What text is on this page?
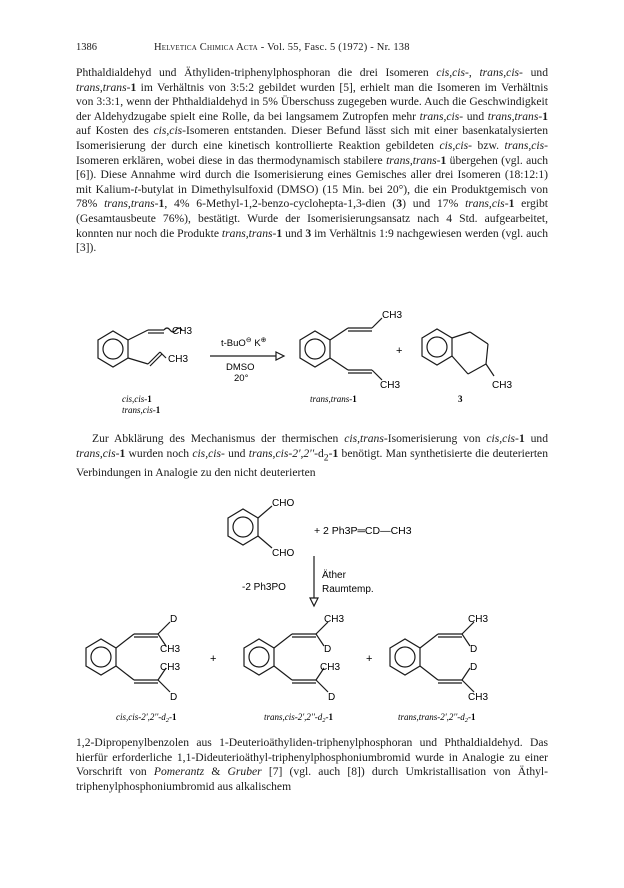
1386	Helvetica Chimica Acta - Vol. 55, Fasc. 5 (1972) - Nr. 138

Phthaldialdehyd und Äthyliden-triphenylphosphoran die drei Isomeren cis,cis-, trans,cis- und trans,trans-1 im Verhältnis von 3:5:2 gebildet wurden [5], erhielt man die Isomeren im Verhältnis von 3:3:1, wenn der Phthaldialdehyd in 5% Überschuss zugegeben wurde. Auch die Geschwindigkeit der Aldehydzugabe spielt eine Rolle, da bei langsamem Zutropfen mehr trans,cis- und trans,trans-1 auf Kosten des cis,cis-Isomeren entstanden. Dieser Befund lässt sich mit einer basenkatalysierten Isomerisierung der durch eine kinetisch kontrollierte Reaktion gebildeten cis,cis- bzw. trans,cis-Isomeren erklären, wobei diese in das thermodynamisch stabilere trans,trans-1 übergehen (vgl. auch [6]). Diese Annahme wird durch die Isomerisierung eines Gemisches aller drei Isomeren (18:12:1) mit Kalium-t-butylat in Dimethylsulfoxid (DMSO) (15 Min. bei 20°), die ein Produktgemisch von 78% trans,trans-1, 4% 6-Methyl-1,2-benzo-cyclohepta-1,3-dien (3) und 17% trans,cis-1 ergibt (Gesamtausbeute 76%), bestätigt. Wurde der Isomerisierungsansatz nach 4 Std. aufgearbeitet, konnten nur noch die Produkte trans,trans-1 und 3 im Verhältnis 1:9 nachgewiesen werden (vgl. auch [3]).

CH3
CH3
t-BuO⊖ K⊕
DMSO
20°
CH3
CH3
+
CH3
cis,cis-1
trans,cis-1
trans,trans-1	3

Zur Abklärung des Mechanismus der thermischen cis,trans-Isomerisierung von cis,cis-1 und trans,cis-1 wurden noch cis,cis- und $trans,cis-2',2''-d_2-1$ benötigt. Man synthetisierte die deuterierten Verbindungen in Analogie zu den nicht deuterierten

CHO
CHO
+ 2 Ph3P═CD—CH3
-2 Ph3PO
Äther
Raumtemp.
D
CH3
CH3
D
+
CH3
D
CH3
D
+
CH3
D
D
CH3
$cis,cis-2',2''-d_2-1$	$trans,cis-2',2''-d_2-1$	$trans,trans-2',2''-d_2-1$

1,2-Dipropenylbenzolen aus 1-Deuterioäthyliden-triphenylphosphoran und Phthaldialdehyd. Das hierfür erforderliche 1,1-Dideuterioäthyl-triphenylphosphoniumbromid wurde in Analogie zu einer Vorschrift von Pomerantz & Gruber [7] (vgl. auch [8]) durch Umkristallisation von Äthyl-triphenylphosphoniumbromid aus alkalischem
